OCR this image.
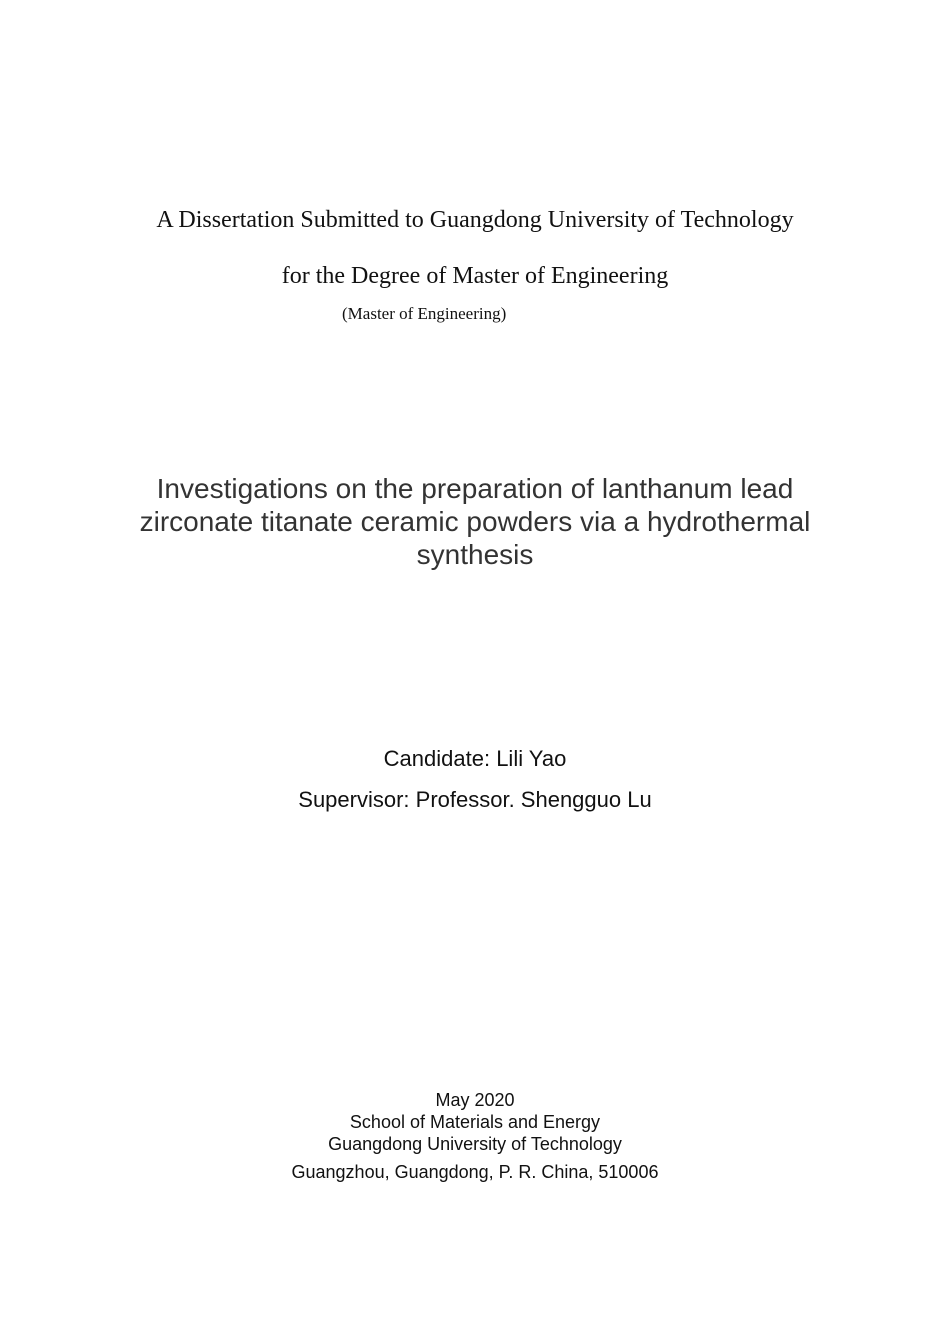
A Dissertation Submitted to Guangdong University of Technology
for the Degree of Master of Engineering
(Master of Engineering)
Investigations on the preparation of lanthanum lead
zirconate titanate ceramic powders via a hydrothermal
synthesis
Candidate: Lili Yao
Supervisor: Professor. Shengguo Lu
May 2020
School of Materials and Energy
Guangdong University of Technology
Guangzhou, Guangdong, P. R. China, 510006
